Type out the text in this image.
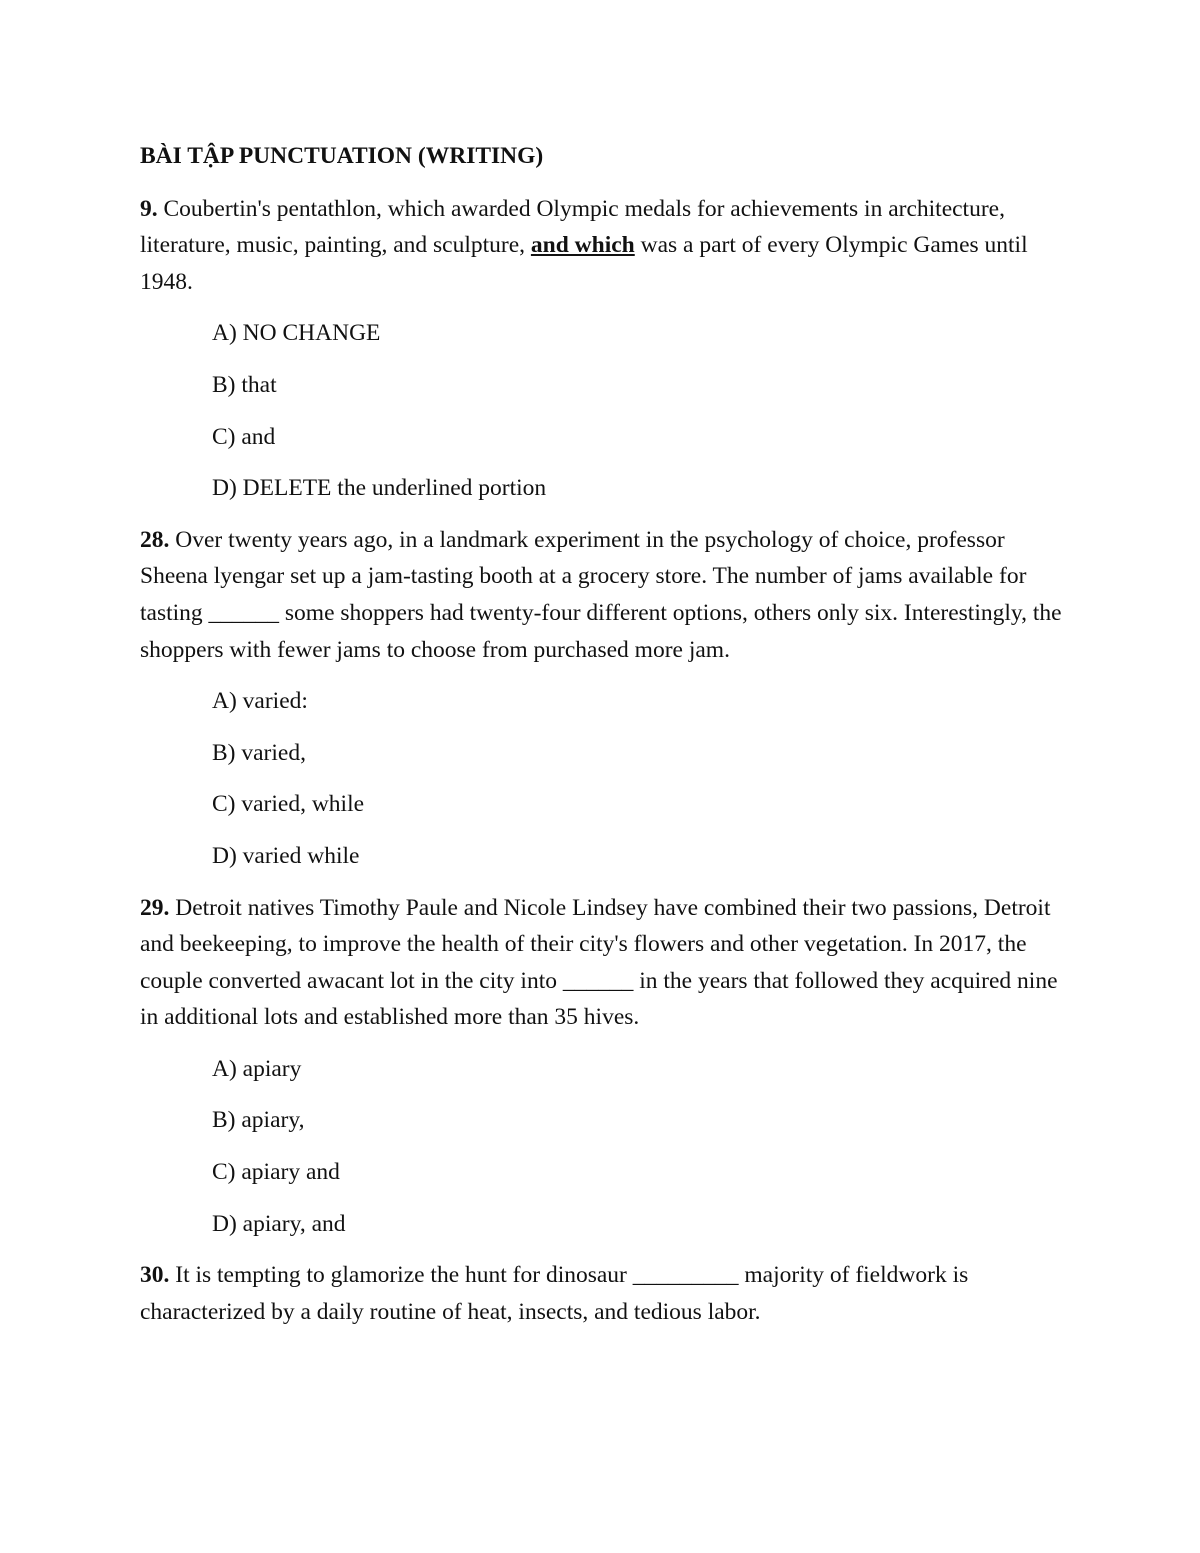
BÀI TẬP PUNCTUATION (WRITING)

9. Coubertin's pentathlon, which awarded Olympic medals for achievements in architecture, literature, music, painting, and sculpture, and which was a part of every Olympic Games until 1948.

A) NO CHANGE
B) that
C) and
D) DELETE the underlined portion

28. Over twenty years ago, in a landmark experiment in the psychology of choice, professor Sheena lyengar set up a jam-tasting booth at a grocery store. The number of jams available for tasting ______ some shoppers had twenty-four different options, others only six. Interestingly, the shoppers with fewer jams to choose from purchased more jam.

A) varied:
B) varied,
C) varied, while
D) varied while

29. Detroit natives Timothy Paule and Nicole Lindsey have combined their two passions, Detroit and beekeeping, to improve the health of their city's flowers and other vegetation. In 2017, the couple converted awacant lot in the city into ______ in the years that followed they acquired nine in additional lots and established more than 35 hives.

A) apiary
B) apiary,
C) apiary and
D) apiary, and

30. It is tempting to glamorize the hunt for dinosaur _________ majority of fieldwork is characterized by a daily routine of heat, insects, and tedious labor.
